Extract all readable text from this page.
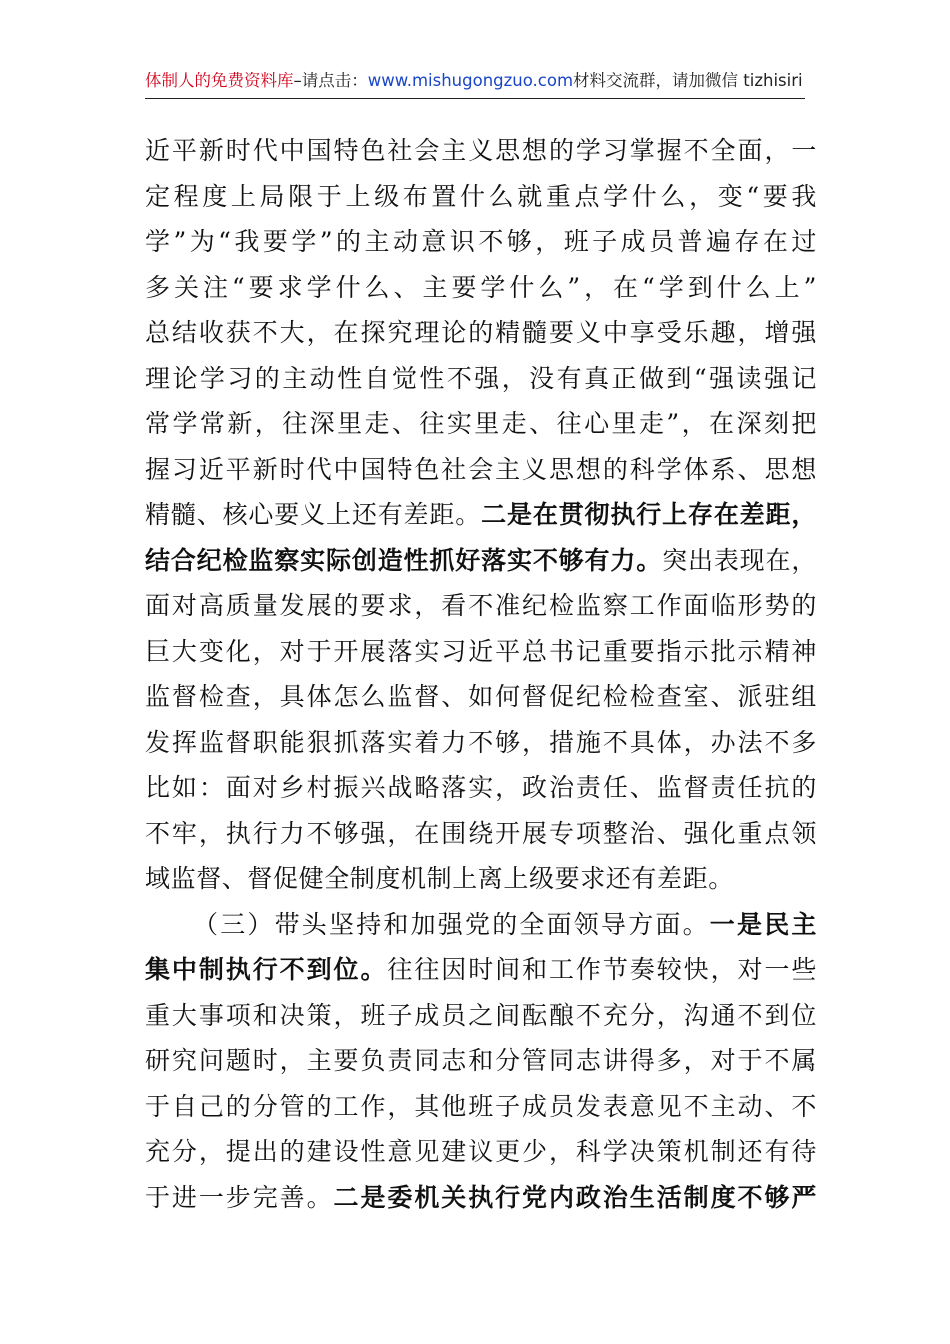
体制人的免费资料库–请点击：www.mishugongzuo.com材料交流群，请加微信 tizhisiri
近平新时代中国特色社会主义思想的学习掌握不全面，一
定程度上局限于上级布置什么就重点学什么，变“要我
学”为“我要学”的主动意识不够，班子成员普遍存在过
多关注“要求学什么、主要学什么”，在“学到什么上”
总结收获不大，在探究理论的精髓要义中享受乐趣，增强
理论学习的主动性自觉性不强，没有真正做到“强读强记
常学常新，往深里走、往实里走、往心里走”，在深刻把
握习近平新时代中国特色社会主义思想的科学体系、思想
精髓、核心要义上还有差距。二是在贯彻执行上存在差距，
结合纪检监察实际创造性抓好落实不够有力。突出表现在，
面对高质量发展的要求，看不准纪检监察工作面临形势的
巨大变化，对于开展落实习近平总书记重要指示批示精神
监督检查，具体怎么监督、如何督促纪检检查室、派驻组
发挥监督职能狠抓落实着力不够，措施不具体，办法不多
比如：面对乡村振兴战略落实，政治责任、监督责任抗的
不牢，执行力不够强，在围绕开展专项整治、强化重点领
域监督、督促健全制度机制上离上级要求还有差距。
（三）带头坚持和加强党的全面领导方面。一是民主
集中制执行不到位。往往因时间和工作节奏较快，对一些
重大事项和决策，班子成员之间酝酿不充分，沟通不到位
研究问题时，主要负责同志和分管同志讲得多，对于不属
于自己的分管的工作，其他班子成员发表意见不主动、不
充分，提出的建设性意见建议更少，科学决策机制还有待
于进一步完善。二是委机关执行党内政治生活制度不够严
